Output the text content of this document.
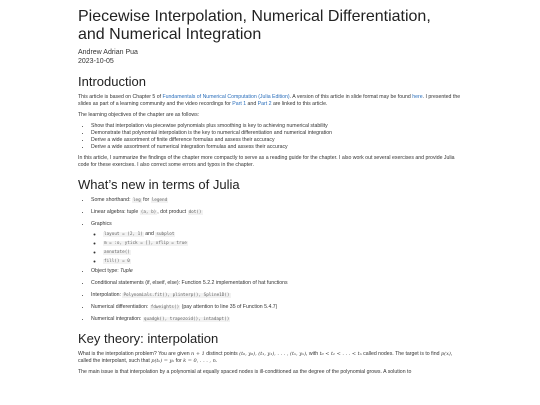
Piecewise Interpolation, Numerical Differentiation,
and Numerical Integration
Andrew Adrian Pua
2023-10-05
Introduction

This article is based on Chapter 5 of Fundamentals of Numerical Computation (Julia Edition). A version of this article in slide format may be found here. I presented the slides as part of a learning community and the video recordings for Part 1 and Part 2 are linked to this article.

The learning objectives of the chapter are as follows:

• Show that interpolation via piecewise polynomials plus smoothing is key to achieving numerical stability
• Demonstrate that polynomial interpolation is the key to numerical differentiation and numerical integration
• Derive a wide assortment of finite difference formulas and assess their accuracy
• Derive a wide assortment of numerical integration formulas and assess their accuracy

In this article, I summarize the findings of the chapter more compactly to serve as a reading guide for the chapter. I also work out several exercises and provide Julia code for these exercises. I also correct some errors and typos in the chapter.

What’s new in terms of Julia
• Some shorthand: leg for legend
• Linear algebra: tuple (a, b), dot product dot()
• Graphics
◦ layout = (2, 1) and subplot
◦ m = :o, ytick = [], xflip = true
◦ annotate()
◦ fill() = 0
• Object type: Tuple
• Conditional statements (if, elseif, else): Function 5.2.2 implementation of hat functions
• Interpolation: Polynomials.fit(), plinterp(), Spline1D()
• Numerical differentiation: fdweights() (pay attention to line 35 of Function 5.4.7)
• Numerical integration: quadgk(), trapezoid(), intadapt()
Key theory: interpolation

What is the interpolation problem? You are given n + 1 distinct points (t₀, y₀), (t₁, y₁), . . . , (tₙ, yₙ), with t₀ < t₁ < . . . < tₙ called nodes. The target is to find p(x), called the interpolant, such that p(tₖ) = yₖ for k = 0, . . . , n.

The main issue is that interpolation by a polynomial at equally spaced nodes is ill-conditioned as the degree of the polynomial grows. A solution to
